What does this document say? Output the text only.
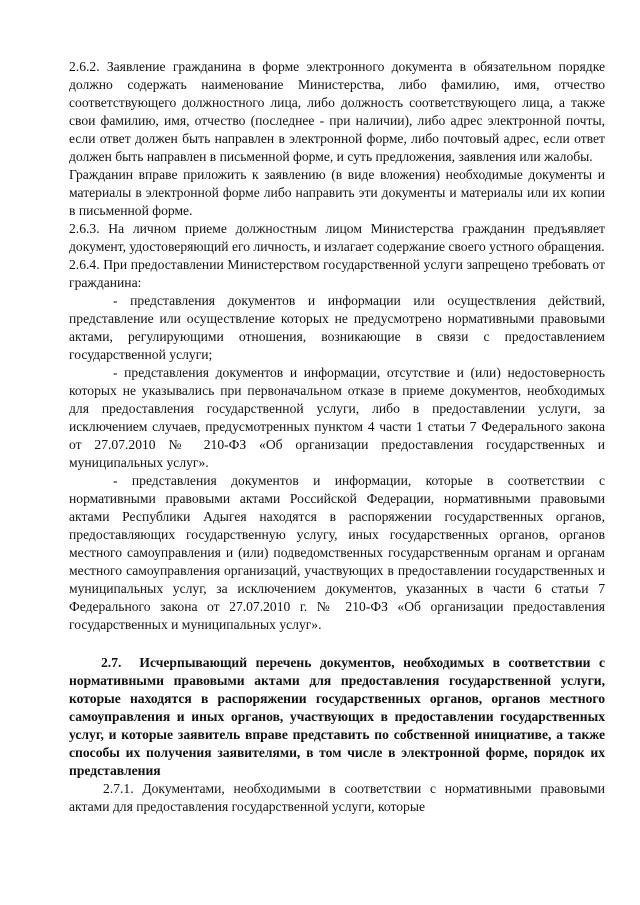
2.6.2. Заявление гражданина в форме электронного документа в обязательном порядке должно содержать наименование Министерства, либо фамилию, имя, отчество соответствующего должностного лица, либо должность соответствующего лица, а также свои фамилию, имя, отчество (последнее - при наличии), либо адрес электронной почты, если ответ должен быть направлен в электронной форме, либо почтовый адрес, если ответ должен быть направлен в письменной форме, и суть предложения, заявления или жалобы.

Гражданин вправе приложить к заявлению (в виде вложения) необходимые документы и материалы в электронной форме либо направить эти документы и материалы или их копии в письменной форме.

2.6.3. На личном приеме должностным лицом Министерства гражданин предъявляет документ, удостоверяющий его личность, и излагает содержание своего устного обращения.

2.6.4. При предоставлении Министерством государственной услуги запрещено требовать от гражданина:

- представления документов и информации или осуществления действий, представление или осуществление которых не предусмотрено нормативными правовыми актами, регулирующими отношения, возникающие в связи с предоставлением государственной услуги;

- представления документов и информации, отсутствие и (или) недостоверность которых не указывались при первоначальном отказе в приеме документов, необходимых для предоставления государственной услуги, либо в предоставлении услуги, за исключением случаев, предусмотренных пунктом 4 части 1 статьи 7 Федерального закона от 27.07.2010 № 210-ФЗ «Об организации предоставления государственных и муниципальных услуг».

- представления документов и информации, которые в соответствии с нормативными правовыми актами Российской Федерации, нормативными правовыми актами Республики Адыгея находятся в распоряжении государственных органов, предоставляющих государственную услугу, иных государственных органов, органов местного самоуправления и (или) подведомственных государственным органам и органам местного самоуправления организаций, участвующих в предоставлении государственных и муниципальных услуг, за исключением документов, указанных в части 6 статьи 7 Федерального закона от 27.07.2010 г. № 210-ФЗ «Об организации предоставления государственных и муниципальных услуг».

2.7. Исчерпывающий перечень документов, необходимых в соответствии с нормативными правовыми актами для предоставления государственной услуги, которые находятся в распоряжении государственных органов, органов местного самоуправления и иных органов, участвующих в предоставлении государственных услуг, и которые заявитель вправе представить по собственной инициативе, а также способы их получения заявителями, в том числе в электронной форме, порядок их представления

2.7.1. Документами, необходимыми в соответствии с нормативными правовыми актами для предоставления государственной услуги, которые
